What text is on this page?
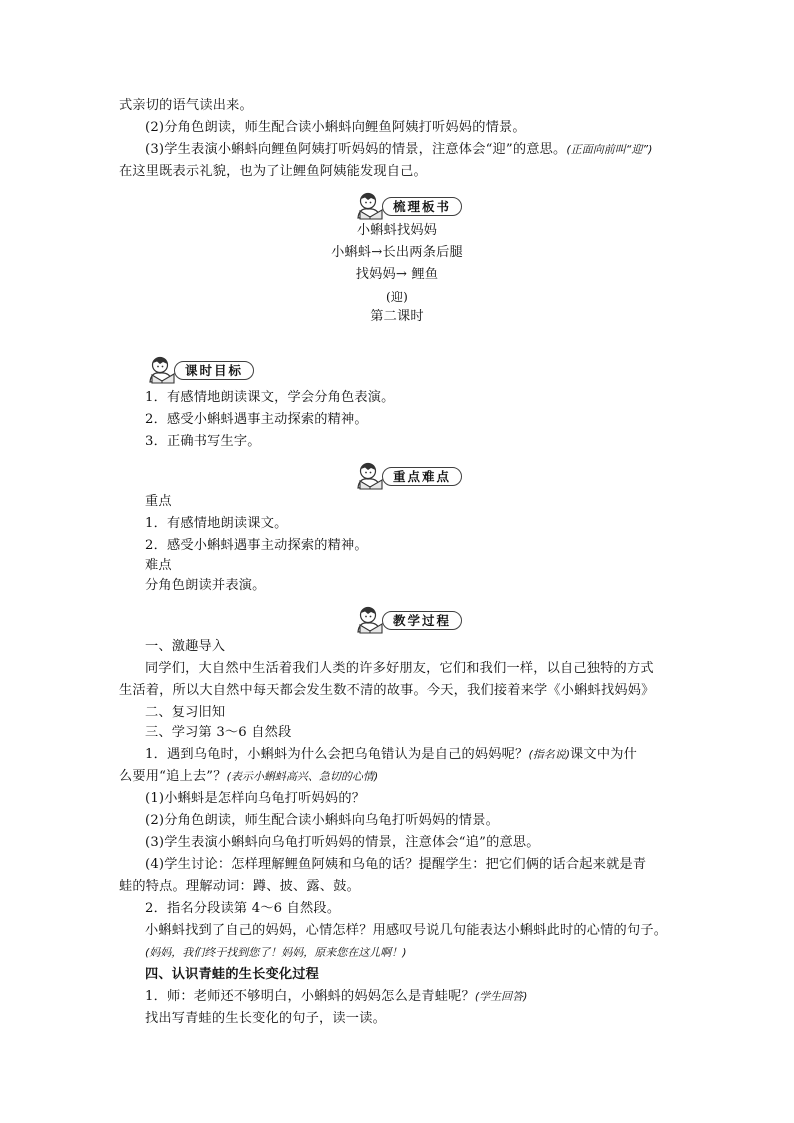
式亲切的语气读出来。
(2)分角色朗读，师生配合读小蝌蚪向鲤鱼阿姨打听妈妈的情景。
(3)学生表演小蝌蚪向鲤鱼阿姨打听妈妈的情景，注意体会“迎”的意思。(正面向前叫“迎”)
在这里既表示礼貌，也为了让鲤鱼阿姨能发现自己。
梳理板书
小蝌蚪找妈妈
小蝌蚪→长出两条后腿
找妈妈→ 鲤鱼
(迎)
第二课时
课时目标
1．有感情地朗读课文，学会分角色表演。
2．感受小蝌蚪遇事主动探索的精神。
3．正确书写生字。
重点难点
重点
1．有感情地朗读课文。
2．感受小蝌蚪遇事主动探索的精神。
难点
分角色朗读并表演。
教学过程
一、激趣导入
同学们，大自然中生活着我们人类的许多好朋友，它们和我们一样，以自己独特的方式
生活着，所以大自然中每天都会发生数不清的故事。今天，我们接着来学《小蝌蚪找妈妈》
二、复习旧知
三、学习第 3～6 自然段
1．遇到乌龟时，小蝌蚪为什么会把乌龟错认为是自己的妈妈呢？(指名说)课文中为什
么要用“追上去”？(表示小蝌蚪高兴、急切的心情)
(1)小蝌蚪是怎样向乌龟打听妈妈的？
(2)分角色朗读，师生配合读小蝌蚪向乌龟打听妈妈的情景。
(3)学生表演小蝌蚪向乌龟打听妈妈的情景，注意体会“追”的意思。
(4)学生讨论：怎样理解鲤鱼阿姨和乌龟的话？提醒学生：把它们俩的话合起来就是青
蛙的特点。理解动词：蹲、披、露、鼓。
2．指名分段读第 4～6 自然段。
小蝌蚪找到了自己的妈妈，心情怎样？用感叹号说几句能表达小蝌蚪此时的心情的句子。
(妈妈，我们终于找到您了！妈妈，原来您在这儿啊！)
四、认识青蛙的生长变化过程
1．师：老师还不够明白，小蝌蚪的妈妈怎么是青蛙呢？(学生回答)
找出写青蛙的生长变化的句子，读一读。
